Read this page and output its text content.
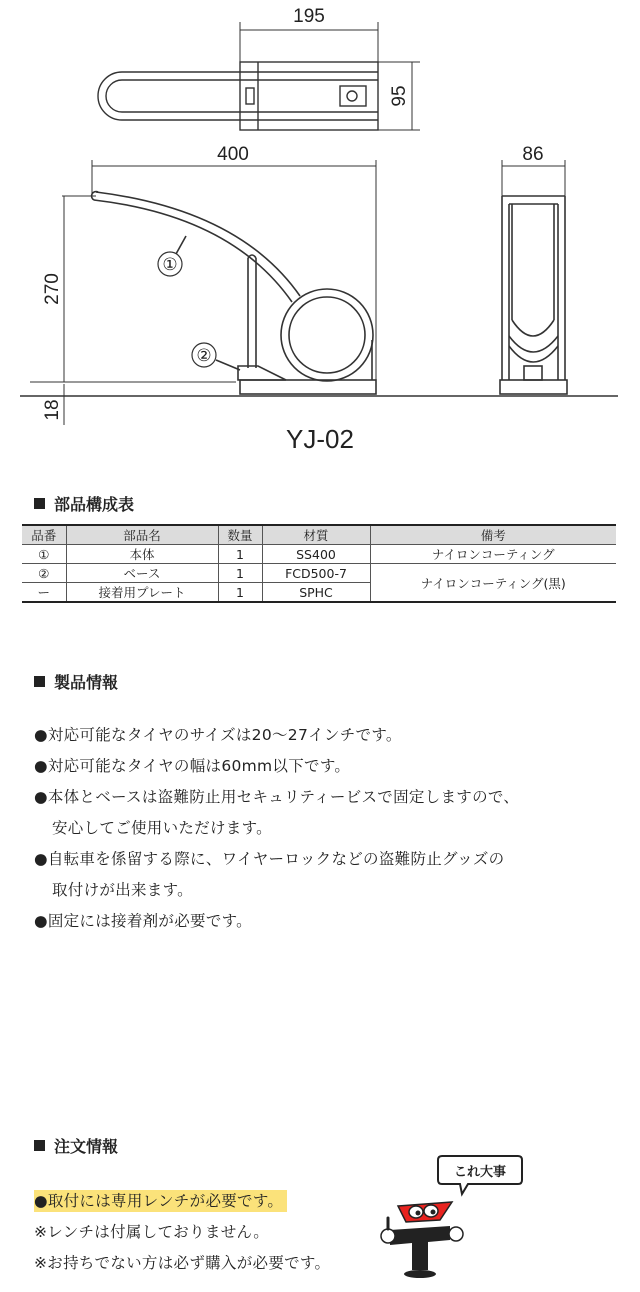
195
95
400
270
18
86
①
②
YJ-02
部品構成表
品番	部品名	数量	材質	備考
①	本体	1	SS400	ナイロンコーティング
②	ベース	1	FCD500-7	ナイロンコーティング(黒)
ー	接着用プレート	1	SPHC	
製品情報

●対応可能なタイヤのサイズは20〜27インチです。

●対応可能なタイヤの幅は60mm以下です。

●本体とベースは盗難防止用セキュリティービスで固定しますので、

安心してご使用いただけます。

●自転車を係留する際に、ワイヤーロックなどの盗難防止グッズの

取付けが出来ます。

●固定には接着剤が必要です。

注文情報

●取付には専用レンチが必要です。

※レンチは付属しておりません。

※お持ちでない方は必ず購入が必要です。

これ大事
